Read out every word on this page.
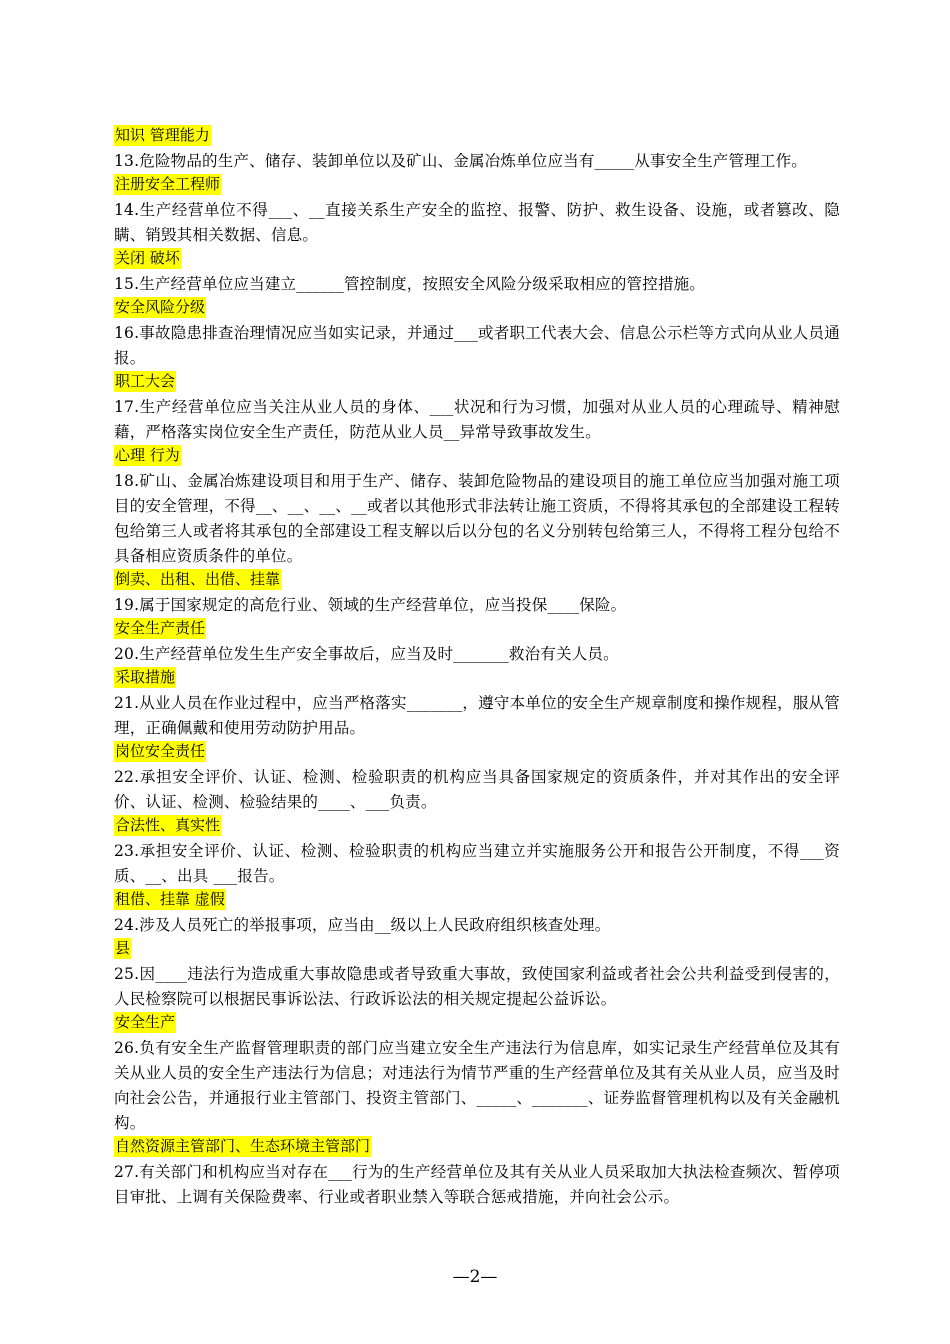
知识 管理能力

13.危险物品的生产、储存、装卸单位以及矿山、金属冶炼单位应当有_____从事安全生产管理工作。

注册安全工程师

14.生产经营单位不得___、__直接关系生产安全的监控、报警、防护、救生设备、设施，或者篡改、隐瞒、销毁其相关数据、信息。

关闭 破坏

15.生产经营单位应当建立______管控制度，按照安全风险分级采取相应的管控措施。

安全风险分级

16.事故隐患排查治理情况应当如实记录，并通过___或者职工代表大会、信息公示栏等方式向从业人员通报。

职工大会

17.生产经营单位应当关注从业人员的身体、___状况和行为习惯，加强对从业人员的心理疏导、精神慰藉，严格落实岗位安全生产责任，防范从业人员__异常导致事故发生。

心理 行为

18.矿山、金属冶炼建设项目和用于生产、储存、装卸危险物品的建设项目的施工单位应当加强对施工项目的安全管理，不得__、__、__、__或者以其他形式非法转让施工资质，不得将其承包的全部建设工程转包给第三人或者将其承包的全部建设工程支解以后以分包的名义分别转包给第三人，不得将工程分包给不具备相应资质条件的单位。

倒卖、出租、出借、挂靠

19.属于国家规定的高危行业、领域的生产经营单位，应当投保____保险。

安全生产责任

20.生产经营单位发生生产安全事故后，应当及时_______救治有关人员。

采取措施

21.从业人员在作业过程中，应当严格落实_______，遵守本单位的安全生产规章制度和操作规程，服从管理，正确佩戴和使用劳动防护用品。

岗位安全责任

22.承担安全评价、认证、检测、检验职责的机构应当具备国家规定的资质条件，并对其作出的安全评价、认证、检测、检验结果的____、___负责。

合法性、真实性

23.承担安全评价、认证、检测、检验职责的机构应当建立并实施服务公开和报告公开制度，不得___资质、__、出具 ___报告。

租借、挂靠 虚假

24.涉及人员死亡的举报事项，应当由__级以上人民政府组织核查处理。

县

25.因____违法行为造成重大事故隐患或者导致重大事故，致使国家利益或者社会公共利益受到侵害的，人民检察院可以根据民事诉讼法、行政诉讼法的相关规定提起公益诉讼。

安全生产

26.负有安全生产监督管理职责的部门应当建立安全生产违法行为信息库，如实记录生产经营单位及其有关从业人员的安全生产违法行为信息；对违法行为情节严重的生产经营单位及其有关从业人员，应当及时向社会公告，并通报行业主管部门、投资主管部门、_____、_______、证券监督管理机构以及有关金融机构。

自然资源主管部门、生态环境主管部门

27.有关部门和机构应当对存在___行为的生产经营单位及其有关从业人员采取加大执法检查频次、暂停项目审批、上调有关保险费率、行业或者职业禁入等联合惩戒措施，并向社会公示。

—2—
